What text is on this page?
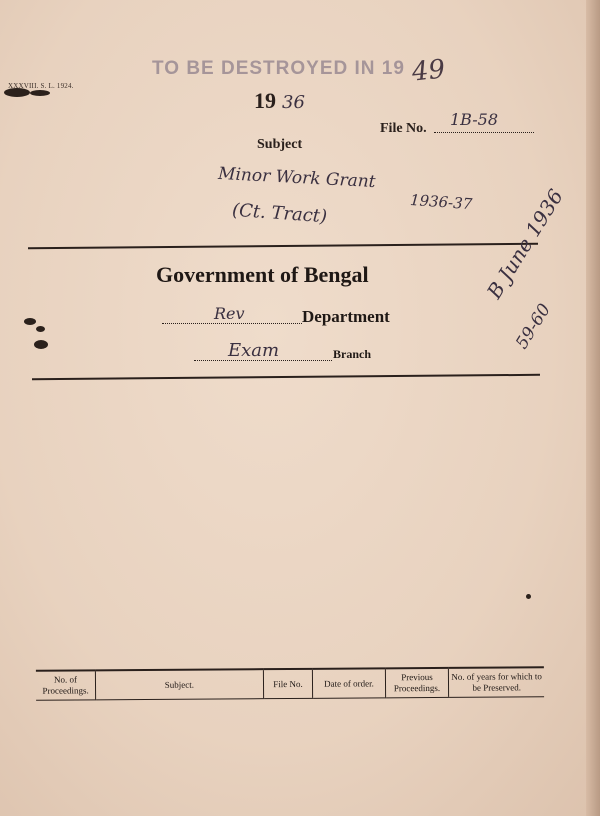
XXXVIII. S. L. 1924.
TO BE DESTROYED IN 19 49
19 36
Subject
File No. 1B-58
Minor Work Grant
(Ct. Tract)	1936-37
Government of Bengal
Rev	Department
Exam	Branch
B June 1936
59-60
No. of Proceedings.	Subject.	File No.	Date of order.	Previous Proceedings.	No. of years for which to be Preserved.
